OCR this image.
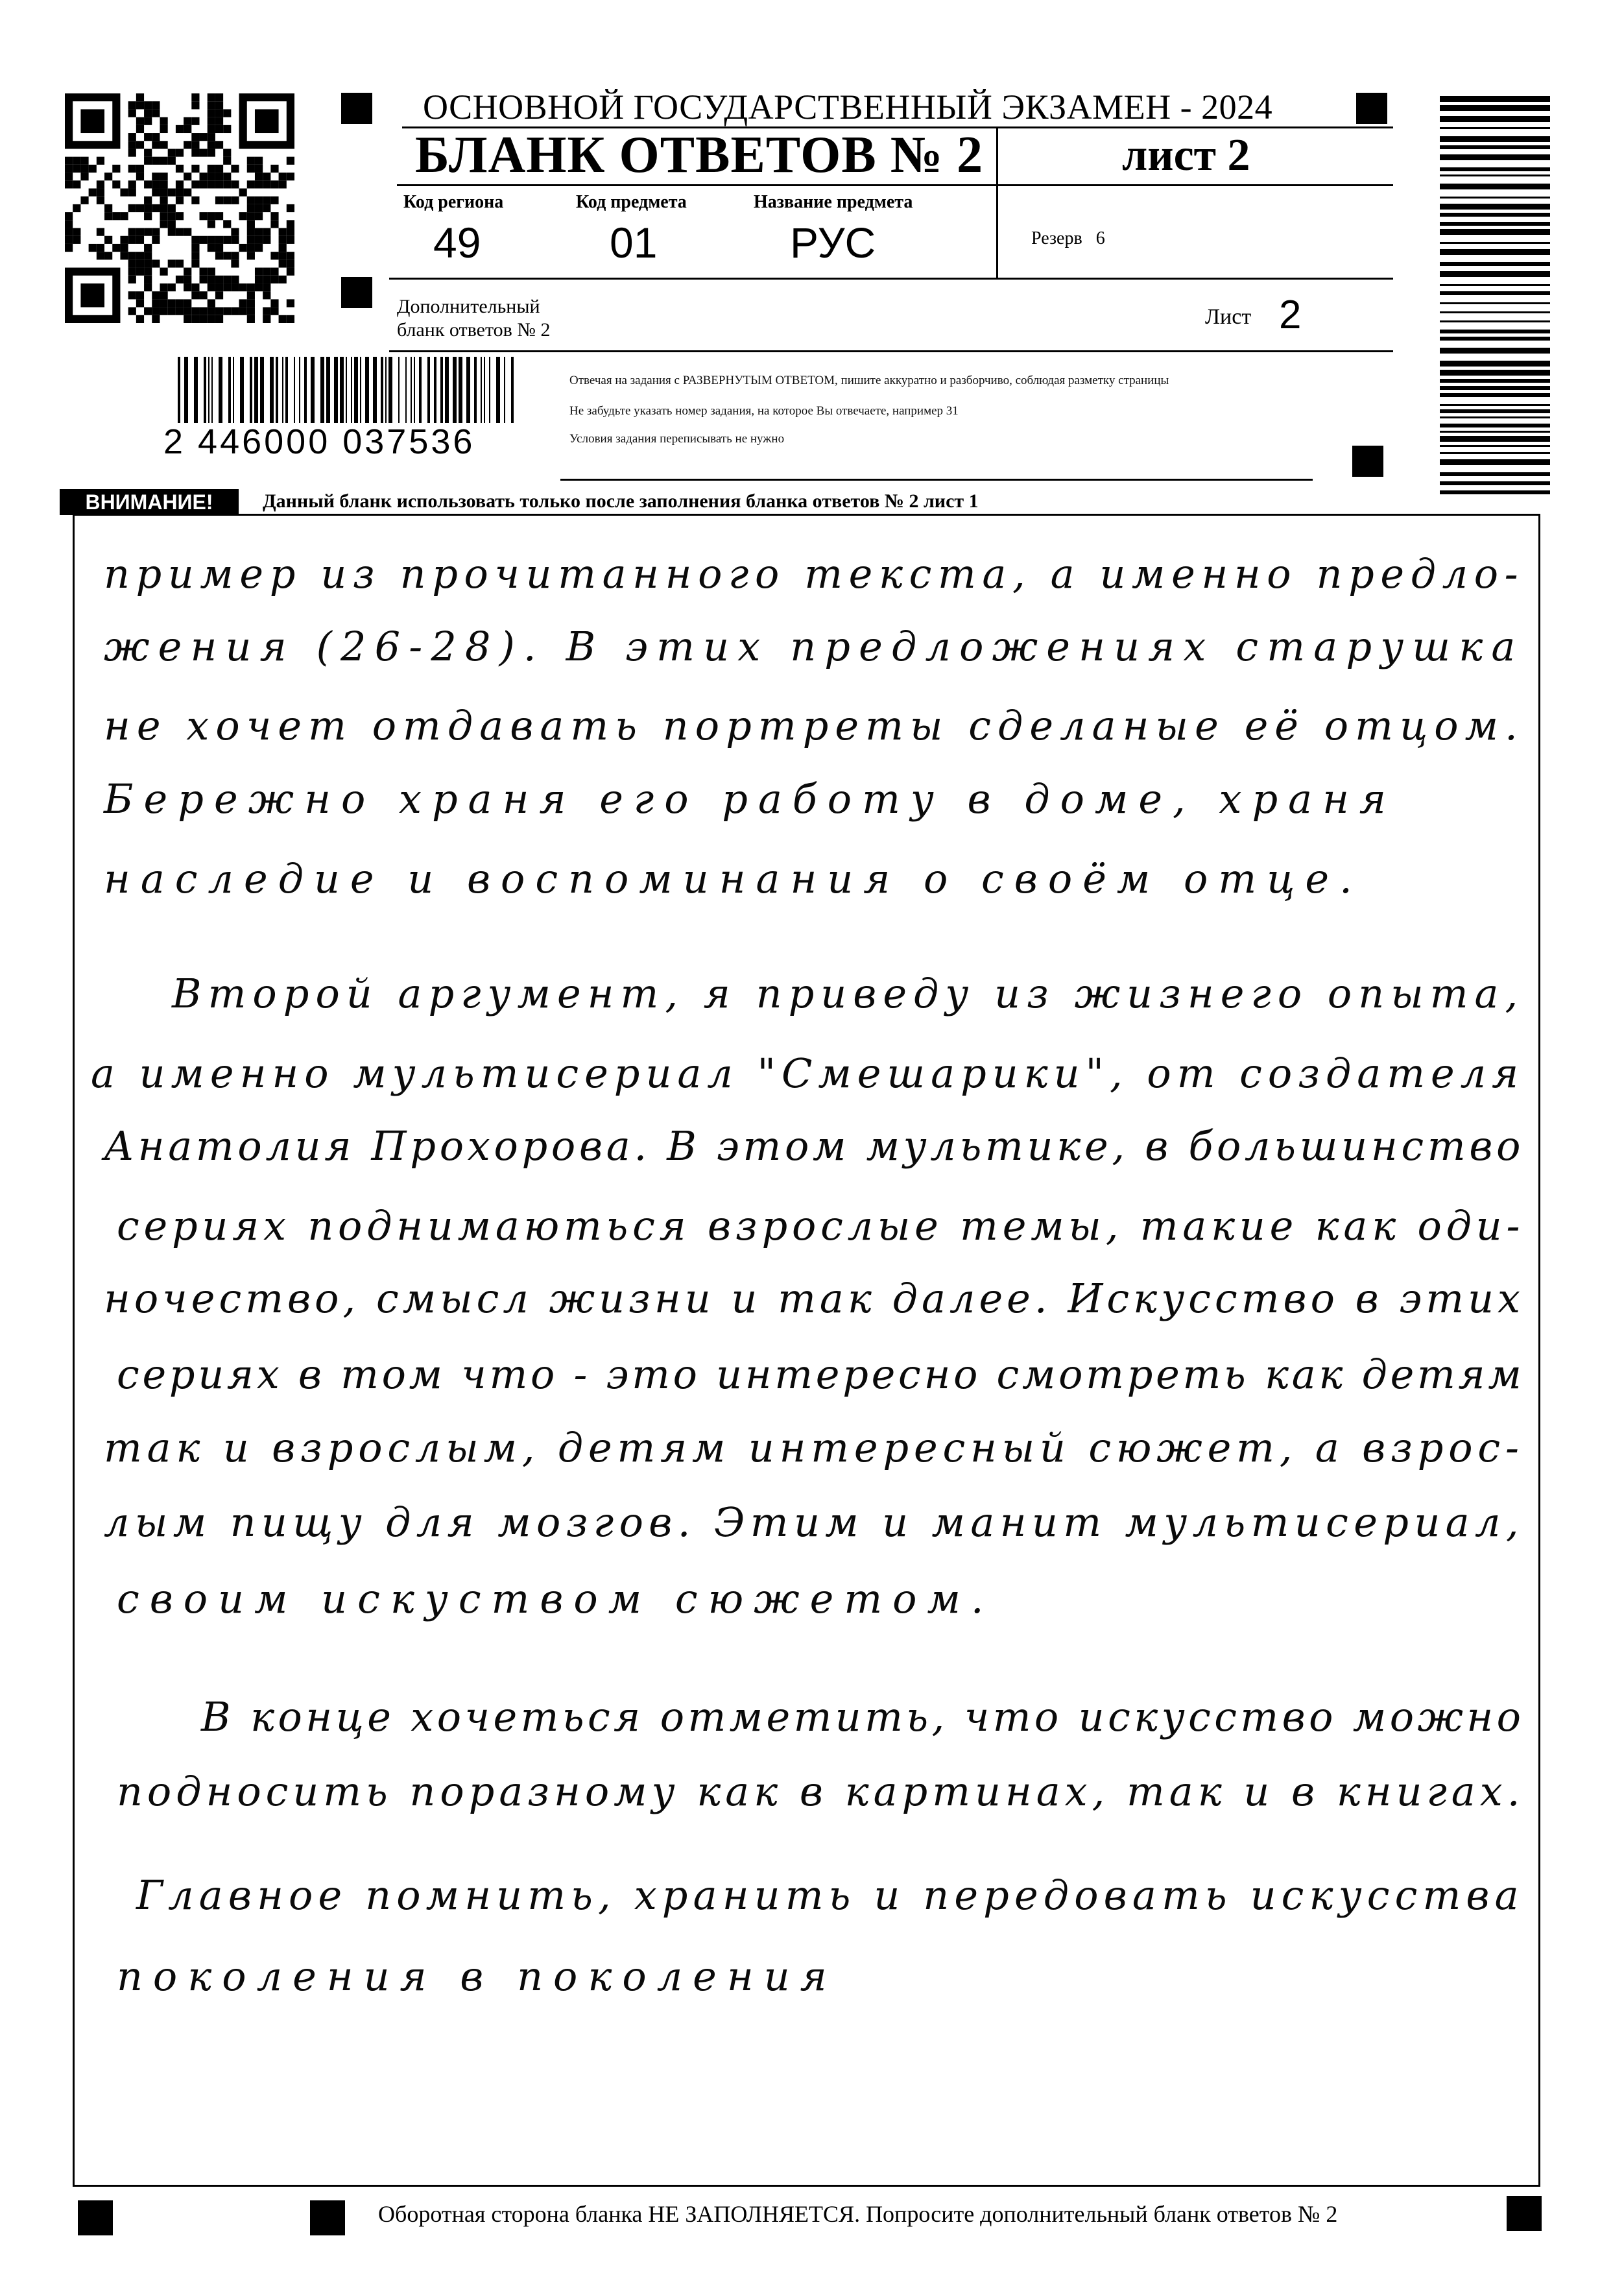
ОСНОВНОЙ ГОСУДАРСТВЕННЫЙ ЭКЗАМЕН - 2024
БЛАНК ОТВЕТОВ № 2	лист 2
Код региона	Код предмета	Название предмета
49	01	РУС	Резерв 6
Дополнительный
бланк ответов № 2
Лист 2
Отвечая на задания с РАЗВЕРНУТЫМ ОТВЕТОМ, пишите аккуратно и разборчиво, соблюдая разметку страницы
Не забудьте указать номер задания, на которое Вы отвечаете, например 31
Условия задания переписывать не нужно
2 446000 037536
ВНИМАНИЕ!	Данный бланк использовать только после заполнения бланка ответов № 2 лист 1
пример из прочитанного текста, а именно предло-
жения (26-28). В этих предложениях старушка
не хочет отдавать портреты сделаные её отцом.
Бережно храня его работу в доме, храня
наследие и воспоминания о своём отце.
Второй аргумент, я приведу из жизнего опыта,
а именно мультисериал "Смешарики", от создателя
Анатолия Прохорова. В этом мультике, в большинство
сериях поднимаються взрослые темы, такие как оди-
ночество, смысл жизни и так далее. Искусство в этих
сериях в том что - это интересно смотреть как детям
так и взрослым, детям интересный сюжет, а взрос-
лым пищу для мозгов. Этим и манит мультисериал,
своим искуством сюжетом.
В конце хочеться отметить, что искусство можно
подносить поразному как в картинах, так и в книгах.
Главное помнить, хранить и передовать искусства
поколения в поколения
Оборотная сторона бланка НЕ ЗАПОЛНЯЕТСЯ. Попросите дополнительный бланк ответов № 2
